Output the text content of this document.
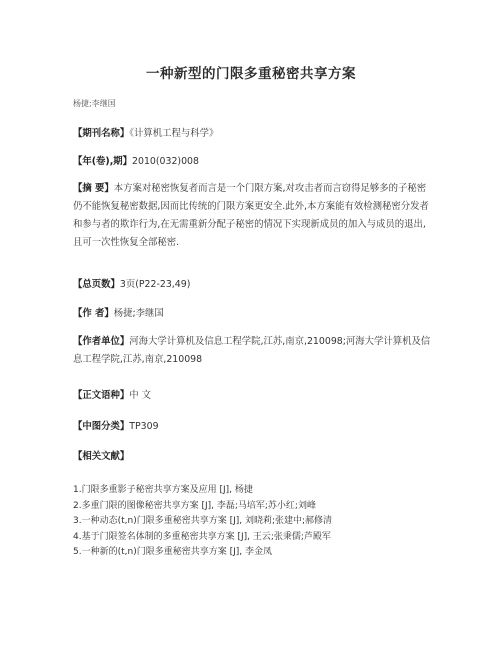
一种新型的门限多重秘密共享方案
杨捷;李继国
【期刊名称】《计算机工程与科学》
【年(卷),期】2010(032)008
【摘 要】本方案对秘密恢复者而言是一个门限方案,对攻击者而言窃得足够多的子秘密仍不能恢复秘密数据,因而比传统的门限方案更安全.此外,本方案能有效检测秘密分发者和参与者的欺诈行为,在无需重新分配子秘密的情况下实现新成员的加入与成员的退出,且可一次性恢复全部秘密.
【总页数】3页(P22-23,49)
【作 者】杨捷;李继国
【作者单位】河海大学计算机及信息工程学院,江苏,南京,210098;河海大学计算机及信息工程学院,江苏,南京,210098
【正文语种】中 文
【中图分类】TP309
【相关文献】
1.门限多重影子秘密共享方案及应用 [J], 杨捷
2.多重门限的图像秘密共享方案 [J], 李磊;马培军;苏小红;刘峰
3.一种动态(t,n)门限多重秘密共享方案 [J], 刘晓莉;张建中;郝修清
4.基于门限签名体制的多重秘密共享方案 [J], 王云;张秉儒;芦殿军
5.一种新的(t,n)门限多重秘密共享方案 [J], 李金凤
